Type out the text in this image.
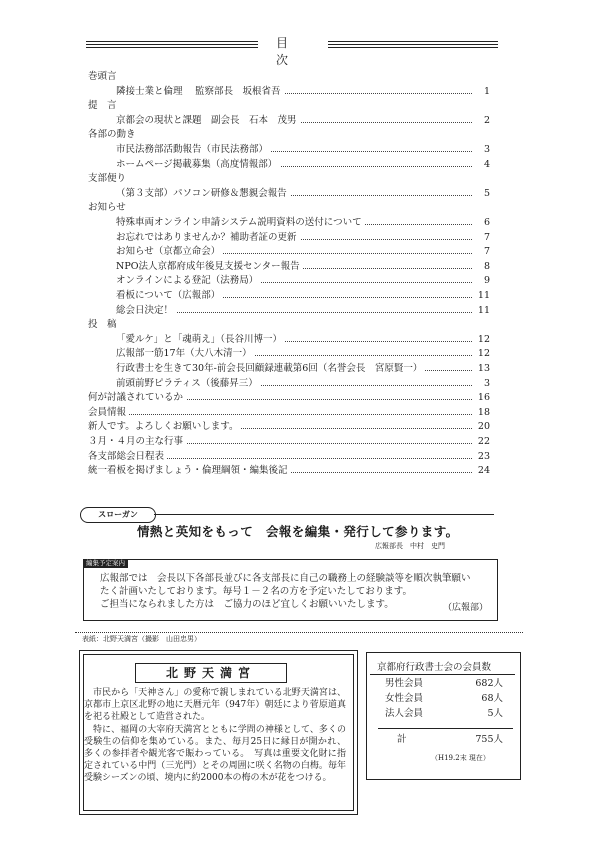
目　次
巻頭言
隣接士業と倫理　 監察部長　坂根省吾	1
提　言
京都会の現状と課題　副会長　石本　茂男	2
各部の動き
市民法務部活動報告（市民法務部）	3
ホームページ掲載募集（高度情報部）	4
支部便り
（第３支部）パソコン研修＆懇親会報告	5
お知らせ
特殊車両オンライン申請システム説明資料の送付について	6
お忘れではありませんか？補助者証の更新	7
お知らせ（京都立命会）	7
NPO法人京都府成年後見支援センター報告	8
オンラインによる登記（法務局）	9
看板について（広報部）	11
総会日決定！	11
投　稿
「愛ルケ」と「魂萌え」（長谷川博一）	12
広報部一筋17年（大八木清一）	12
行政書士を生きて30年-前会長回顧録連載第6回（名誉会長　宮原賢一）	13
前頭前野ピラティス（後藤昇三）	3
何が討議されているか	16
会員情報	18
新人です。よろしくお願いします。	20
３月・４月の主な行事	22
各支部総会日程表	23
統一看板を掲げましょう・倫理綱領・編集後記	24
スローガン
情熱と英知をもって　会報を編集・発行して参ります。
広報部長　中村　史門
編集予定案内
広報部では　会長以下各部長並びに各支部長に自己の職務上の経験談等を順次執筆願い
たく計画いたしております。毎号１－２名の方を予定いたしております。
ご担当になられました方は　ご協力のほど宜しくお願いいたします。	（広報部）
表紙：北野天満宮（撮影　山田忠男）
北野天満宮
市民から「天神さん」の愛称で親しまれている北野天満宮は、京都市上京区北野の地に天暦元年（947年）朝廷により菅原道真を祀る社殿として造営された。
特に、福岡の大宰府天満宮とともに学問の神様として、多くの受験生の信仰を集めている。また、毎月25日に縁日が開かれ、多くの参拝者や観光客で賑わっている。　写真は重要文化財に指定されている中門（三光門）とその周囲に咲く名物の白梅。毎年受験シーズンの頃、境内に約2000本の梅の木が花をつける。
京都府行政書士会の会員数
男性会員	682人
女性会員	68人
法人会員	5人
計	755人
（H19.2末 現在）
